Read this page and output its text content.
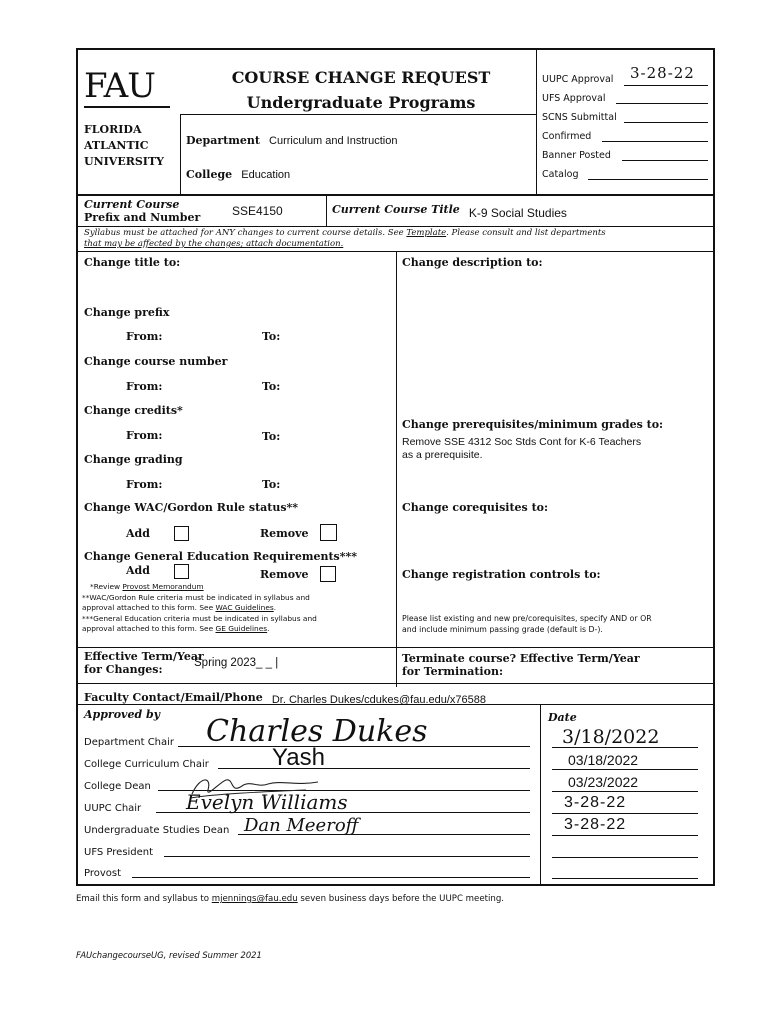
FAU
FLORIDA
ATLANTIC
UNIVERSITY
COURSE CHANGE REQUEST
Undergraduate Programs
Department Curriculum and Instruction
College Education
UUPC Approval 3-28-22
UFS Approval
SCNS Submittal
Confirmed
Banner Posted
Catalog
Current Course
Prefix and Number	SSE4150	Current Course Title $_{K-9 Social Studies}$
Syllabus must be attached for ANY changes to current course details. See Template. Please consult and list departments
that may be affected by the changes; attach documentation.
Change title to:
Change prefix
From:	To:
Change course number
From:	To:
Change credits*
From:	To:
Change grading
From:	To:
Change WAC/Gordon Rule status**
Add	Remove
Change General Education Requirements***
Add	Remove
*Review Provost Memorandum
**WAC/Gordon Rule criteria must be indicated in syllabus and
approval attached to this form. See WAC Guidelines.
***General Education criteria must be indicated in syllabus and
approval attached to this form. See GE Guidelines.
Change description to:
Change prerequisites/minimum grades to:
Remove SSE 4312 Soc Stds Cont for K-6 Teachers
as a prerequisite.
Change corequisites to:
Change registration controls to:
Please list existing and new pre/corequisites, specify AND or OR
and include minimum passing grade (default is D-).
Effective Term/Year
for Changes:	Spring 2023_ _ |	Terminate course? Effective Term/Year
for Termination:
Faculty Contact/Email/Phone Dr. Charles Dukes/cdukes@fau.edu/x76588
Approved by	Date
Department Chair Charles Dukes	3/18/2022
College Curriculum Chair	Yash	03/18/2022
College Dean	03/23/2022
UUPC Chair Evelyn Williams	3-28-22
Undergraduate Studies Dean Dan Meeroff	3-28-22
UFS President
Provost
Email this form and syllabus to mjennings@fau.edu seven business days before the UUPC meeting.
FAUchangecourseUG, revised Summer 2021
